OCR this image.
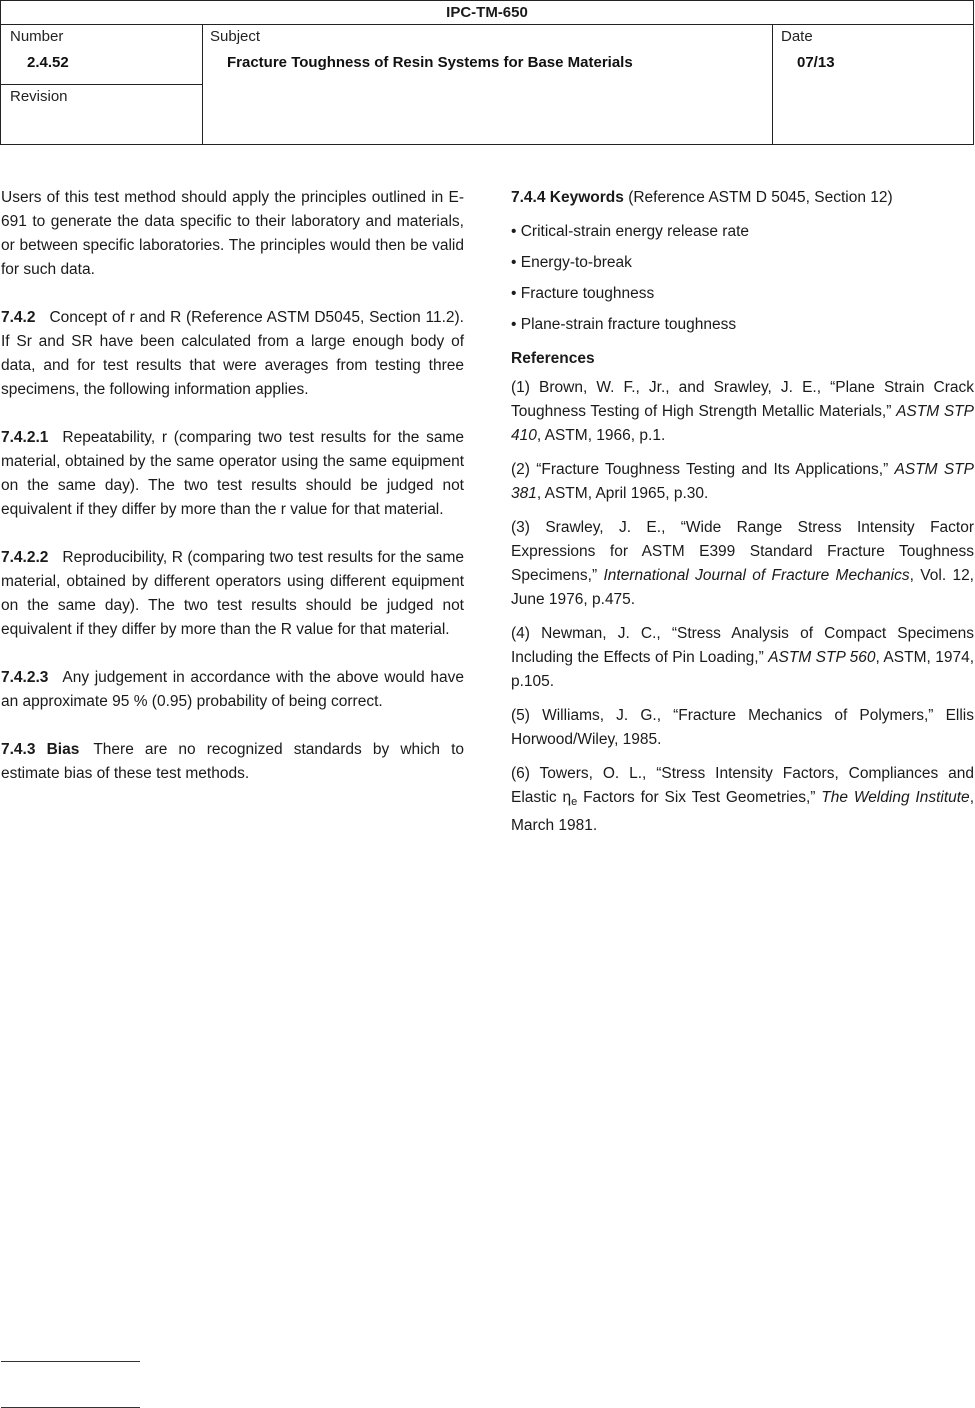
IPC-TM-650
Number
2.4.52
Revision
Subject
Fracture Toughness of Resin Systems for Base Materials
Date
07/13

Users of this test method should apply the principles outlined in E-691 to generate the data specific to their laboratory and materials, or between specific laboratories. The principles would then be valid for such data.

7.4.2 Concept of r and R (Reference ASTM D5045, Section 11.2). If Sr and SR have been calculated from a large enough body of data, and for test results that were averages from testing three specimens, the following information applies.

7.4.2.1 Repeatability, r (comparing two test results for the same material, obtained by the same operator using the same equipment on the same day). The two test results should be judged not equivalent if they differ by more than the r value for that material.

7.4.2.2 Reproducibility, R (comparing two test results for the same material, obtained by different operators using different equipment on the same day). The two test results should be judged not equivalent if they differ by more than the R value for that material.

7.4.2.3 Any judgement in accordance with the above would have an approximate 95 % (0.95) probability of being correct.

7.4.3 Bias There are no recognized standards by which to estimate bias of these test methods.

7.4.4 Keywords (Reference ASTM D 5045, Section 12)

• Critical-strain energy release rate

• Energy-to-break

• Fracture toughness

• Plane-strain fracture toughness

References

(1) Brown, W. F., Jr., and Srawley, J. E., “Plane Strain Crack Toughness Testing of High Strength Metallic Materials,” ASTM STP 410, ASTM, 1966, p.1.

(2) “Fracture Toughness Testing and Its Applications,” ASTM STP 381, ASTM, April 1965, p.30.

(3) Srawley, J. E., “Wide Range Stress Intensity Factor Expressions for ASTM E399 Standard Fracture Toughness Specimens,” International Journal of Fracture Mechanics, Vol. 12, June 1976, p.475.

(4) Newman, J. C., “Stress Analysis of Compact Specimens Including the Effects of Pin Loading,” ASTM STP 560, ASTM, 1974, p.105.

(5) Williams, J. G., “Fracture Mechanics of Polymers,” Ellis Horwood/Wiley, 1985.

(6) Towers, O. L., “Stress Intensity Factors, Compliances and Elastic $\eta_e$ Factors for Six Test Geometries,” The Welding Institute, March 1981.
